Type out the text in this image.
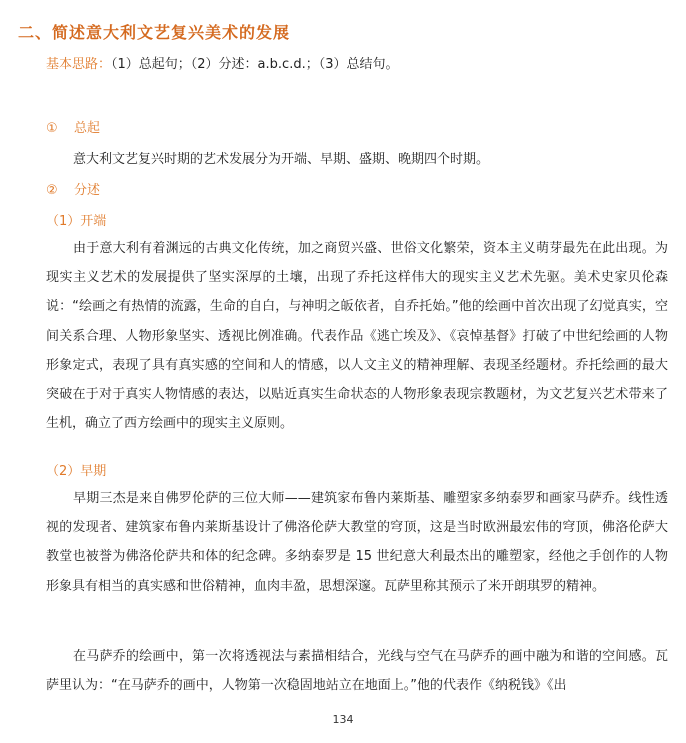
二、简述意大利文艺复兴美术的发展
基本思路：（1）总起句；（2）分述：a.b.c.d.；（3）总结句。
① 总起
意大利文艺复兴时期的艺术发展分为开端、早期、盛期、晚期四个时期。
② 分述
（1）开端

由于意大利有着渊远的古典文化传统，加之商贸兴盛、世俗文化繁荣，资本主义萌芽最先在此出现。为现实主义艺术的发展提供了坚实深厚的土壤，出现了乔托这样伟大的现实主义艺术先驱。美术史家贝伦森说：“绘画之有热情的流露，生命的自白，与神明之皈依者，自乔托始。”他的绘画中首次出现了幻觉真实，空间关系合理、人物形象坚实、透视比例准确。代表作品《逃亡埃及》、《哀悼基督》打破了中世纪绘画的人物形象定式，表现了具有真实感的空间和人的情感，以人文主义的精神理解、表现圣经题材。乔托绘画的最大突破在于对于真实人物情感的表达，以贴近真实生命状态的人物形象表现宗教题材，为文艺复兴艺术带来了生机，确立了西方绘画中的现实主义原则。

（2）早期

早期三杰是来自佛罗伦萨的三位大师——建筑家布鲁内莱斯基、雕塑家多纳泰罗和画家马萨乔。线性透视的发现者、建筑家布鲁内莱斯基设计了佛洛伦萨大教堂的穹顶，这是当时欧洲最宏伟的穹顶，佛洛伦萨大教堂也被誉为佛洛伦萨共和体的纪念碑。多纳泰罗是 15 世纪意大利最杰出的雕塑家，经他之手创作的人物形象具有相当的真实感和世俗精神，血肉丰盈，思想深邃。瓦萨里称其预示了米开朗琪罗的精神。

在马萨乔的绘画中，第一次将透视法与素描相结合，光线与空气在马萨乔的画中融为和谐的空间感。瓦萨里认为：“在马萨乔的画中，人物第一次稳固地站立在地面上。”他的代表作《纳税钱》《出

134
